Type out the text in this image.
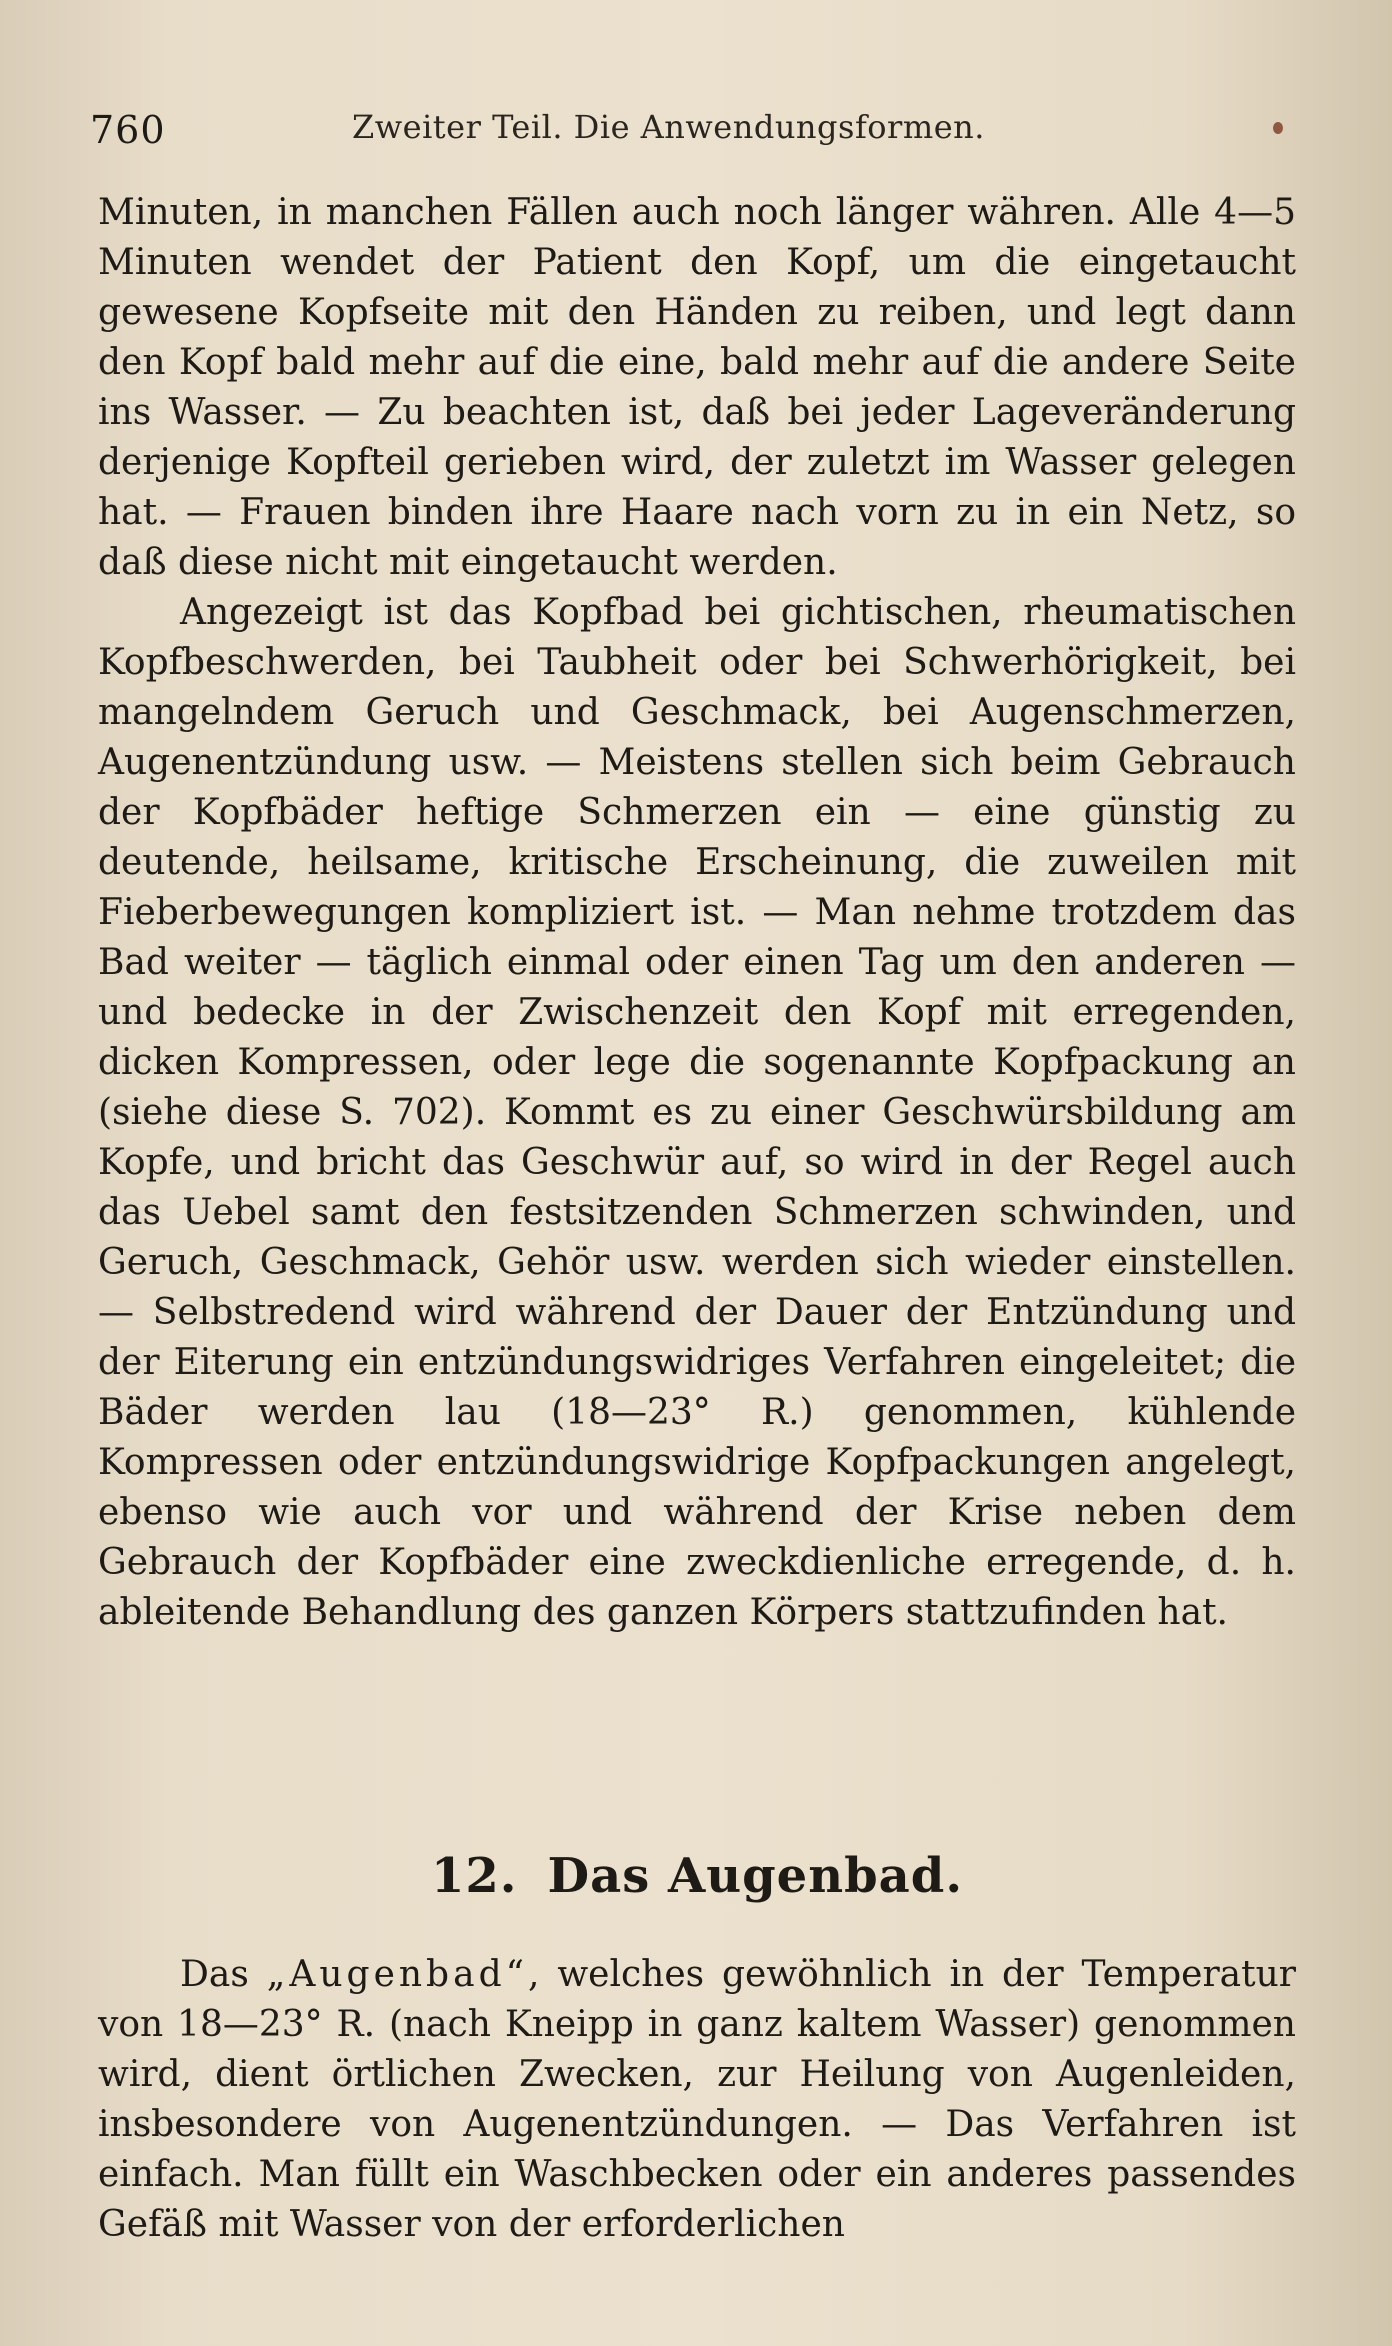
760	Zweiter Teil. Die Anwendungsformen.

Minuten, in manchen Fällen auch noch länger währen. Alle 4—5 Minuten wendet der Patient den Kopf, um die eingetaucht gewesene Kopfseite mit den Händen zu reiben, und legt dann den Kopf bald mehr auf die eine, bald mehr auf die andere Seite ins Wasser. — Zu beachten ist, daß bei jeder Lageveränderung derjenige Kopfteil gerieben wird, der zuletzt im Wasser gelegen hat. — Frauen binden ihre Haare nach vorn zu in ein Netz, so daß diese nicht mit eingetaucht werden.

Angezeigt ist das Kopfbad bei gichtischen, rheumatischen Kopfbeschwerden, bei Taubheit oder bei Schwerhörigkeit, bei mangelndem Geruch und Geschmack, bei Augenschmerzen, Augenentzündung usw. — Meistens stellen sich beim Gebrauch der Kopfbäder heftige Schmerzen ein — eine günstig zu deutende, heilsame, kritische Erscheinung, die zuweilen mit Fieberbewegungen kompliziert ist. — Man nehme trotzdem das Bad weiter — täglich einmal oder einen Tag um den anderen — und bedecke in der Zwischenzeit den Kopf mit erregenden, dicken Kompressen, oder lege die sogenannte Kopfpackung an (siehe diese S. 702). Kommt es zu einer Geschwürsbildung am Kopfe, und bricht das Geschwür auf, so wird in der Regel auch das Uebel samt den festsitzenden Schmerzen schwinden, und Geruch, Geschmack, Gehör usw. werden sich wieder einstellen. — Selbstredend wird während der Dauer der Entzündung und der Eiterung ein entzündungswidriges Verfahren eingeleitet; die Bäder werden lau (18—23° R.) genommen, kühlende Kompressen oder entzündungswidrige Kopfpackungen angelegt, ebenso wie auch vor und während der Krise neben dem Gebrauch der Kopfbäder eine zweckdienliche erregende, d. h. ableitende Behandlung des ganzen Körpers stattzufinden hat.

12. Das Augenbad.

Das „Augenbad“, welches gewöhnlich in der Temperatur von 18—23° R. (nach Kneipp in ganz kaltem Wasser) genommen wird, dient örtlichen Zwecken, zur Heilung von Augenleiden, insbesondere von Augenentzündungen. — Das Verfahren ist einfach. Man füllt ein Waschbecken oder ein anderes passendes Gefäß mit Wasser von der erforderlichen
